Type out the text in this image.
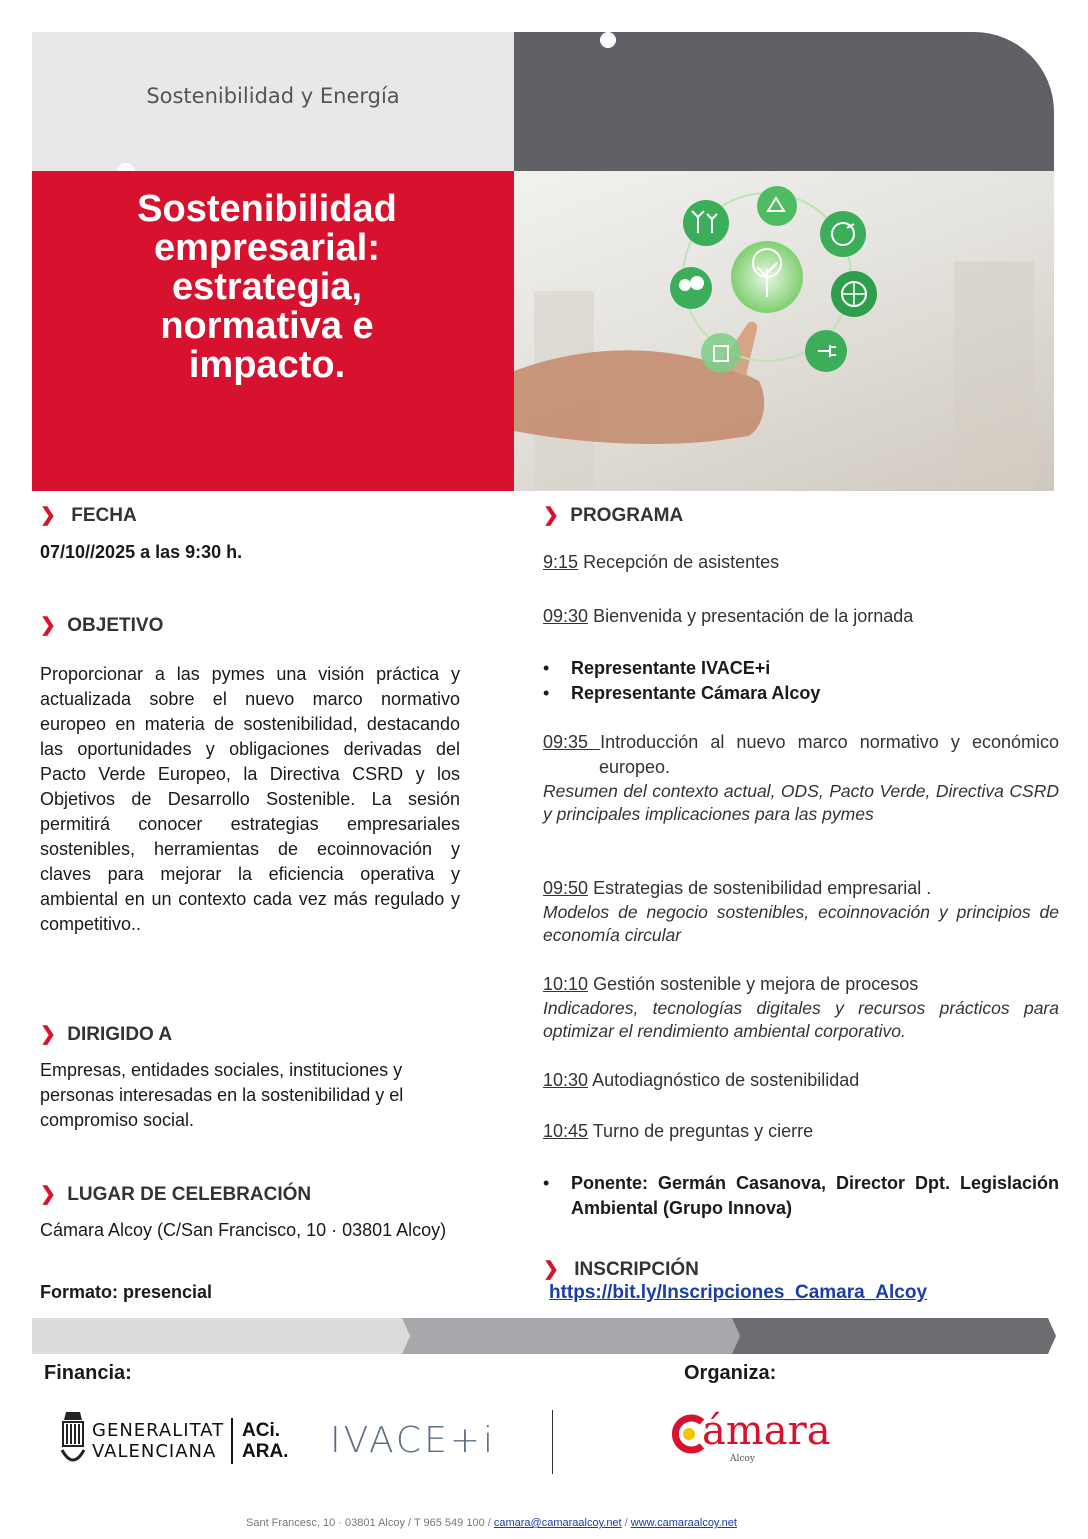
Sostenibilidad y Energía
Sostenibilidad
empresarial:
estrategia,
normativa e
impacto.
❯ FECHA
07/10//2025 a las 9:30 h.
❯ OBJETIVO
Proporcionar a las pymes una visión práctica y actualizada sobre el nuevo marco normativo europeo en materia de sostenibilidad, destacando las oportunidades y obligaciones derivadas del Pacto Verde Europeo, la Directiva CSRD y los Objetivos de Desarrollo Sostenible. La sesión permitirá conocer estrategias empresariales sostenibles, herramientas de ecoinnovación y claves para mejorar la eficiencia operativa y ambiental en un contexto cada vez más regulado y competitivo..
❯ DIRIGIDO A
Empresas, entidades sociales, instituciones y personas interesadas en la sostenibilidad y el compromiso social.
❯ LUGAR DE CELEBRACIÓN
Cámara Alcoy (C/San Francisco, 10 · 03801 Alcoy)
Formato: presencial
❯ PROGRAMA
9:15 Recepción de asistentes
09:30 Bienvenida y presentación de la jornada
• Representante IVACE+i
• Representante Cámara Alcoy
09:35 Introducción al nuevo marco normativo y económico europeo.
Resumen del contexto actual, ODS, Pacto Verde, Directiva CSRD y principales implicaciones para las pymes
09:50 Estrategias de sostenibilidad empresarial .
Modelos de negocio sostenibles, ecoinnovación y principios de economía circular
10:10 Gestión sostenible y mejora de procesos
Indicadores, tecnologías digitales y recursos prácticos para optimizar el rendimiento ambiental corporativo.
10:30 Autodiagnóstico de sostenibilidad
10:45 Turno de preguntas y cierre
•	Ponente: Germán Casanova, Director Dpt. Legislación Ambiental (Grupo Innova)
❯ INSCRIPCIÓN
https://bit.ly/Inscripciones_Camara_Alcoy
Financia:	Organiza:
GENERALITAT
VALENCIANA
ACi.
ARA. IVACE+i	ámara
Alcoy
Sant Francesc, 10 · 03801 Alcoy / T 965 549 100 / camara@camaraalcoy.net / www.camaraalcoy.net
